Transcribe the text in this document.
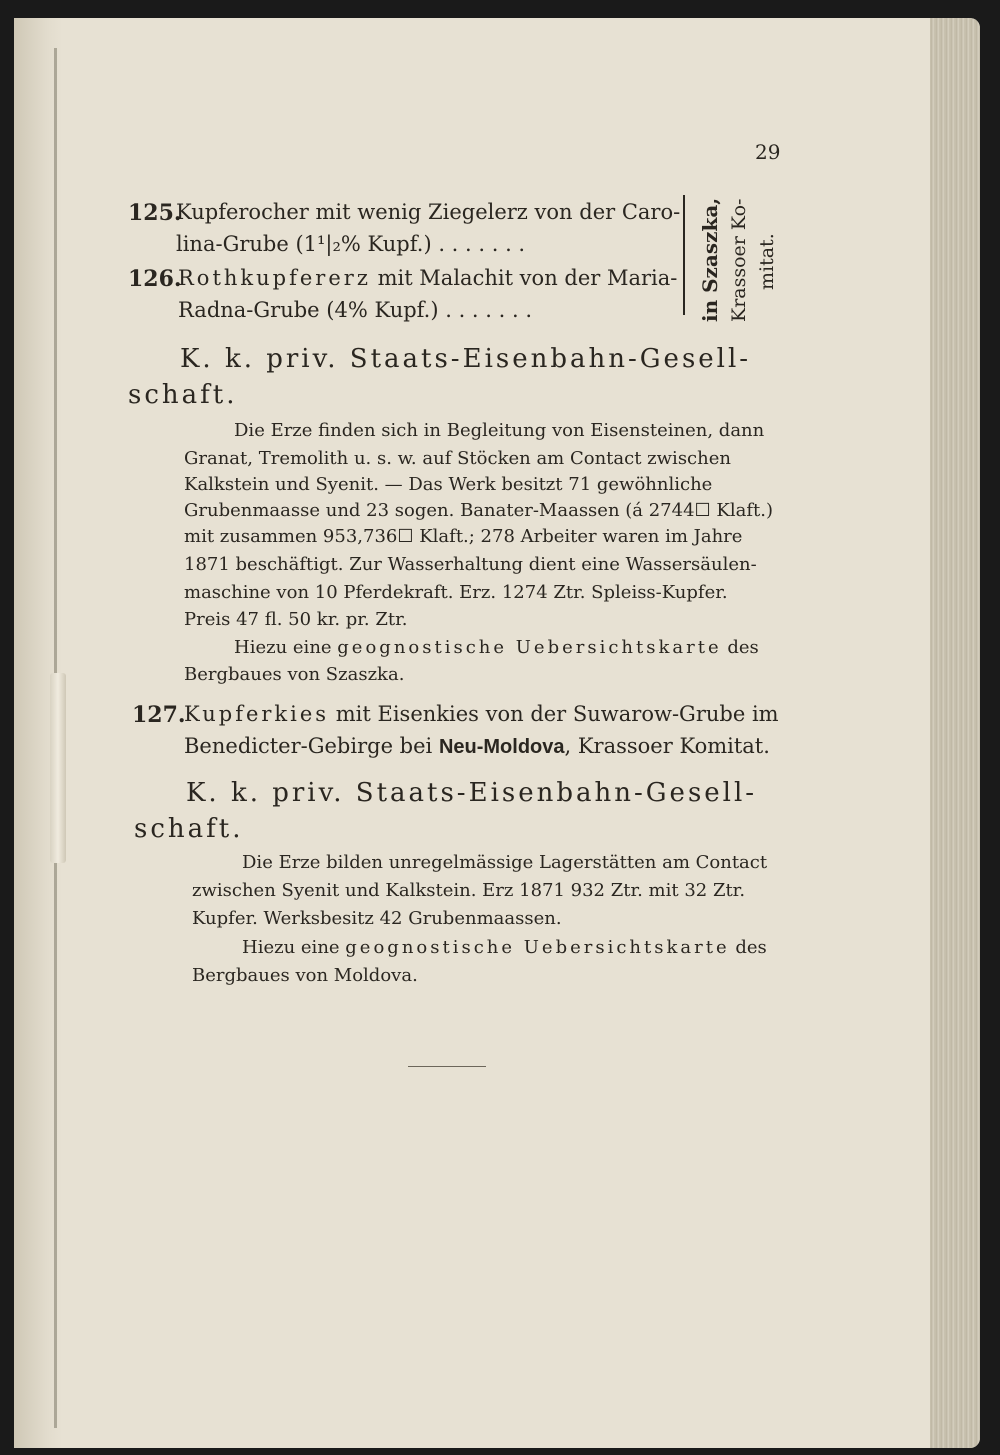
29
125.
Kupferocher mit wenig Ziegelerz von der Caro-
lina-Grube (1¹|₂% Kupf.) . . . . . . .
126.
Rothkupfererz mit Malachit von der Maria-
Radna-Grube (4% Kupf.) . . . . . . .	in Szaszka, Krassoer Ko- mitat.
K. k. priv. Staats-Eisenbahn-Gesell-
schaft.
Die Erze finden sich in Begleitung von Eisensteinen, dann
Granat, Tremolith u. s. w. auf Stöcken am Contact zwischen
Kalkstein und Syenit. — Das Werk besitzt 71 gewöhnliche
Grubenmaasse und 23 sogen. Banater-Maassen (á 2744☐ Klaft.)
mit zusammen 953,736☐ Klaft.; 278 Arbeiter waren im Jahre
1871 beschäftigt. Zur Wasserhaltung dient eine Wassersäulen-
maschine von 10 Pferdekraft. Erz. 1274 Ztr. Spleiss-Kupfer.
Preis 47 fl. 50 kr. pr. Ztr.
Hiezu eine geognostische Uebersichtskarte des
Bergbaues von Szaszka.
127.
Kupferkies mit Eisenkies von der Suwarow-Grube im
Benedicter-Gebirge bei Neu-Moldova, Krassoer Komitat.
K. k. priv. Staats-Eisenbahn-Gesell-
schaft.
Die Erze bilden unregelmässige Lagerstätten am Contact
zwischen Syenit und Kalkstein. Erz 1871 932 Ztr. mit 32 Ztr.
Kupfer. Werksbesitz 42 Grubenmaassen.
Hiezu eine geognostische Uebersichtskarte des
Bergbaues von Moldova.
